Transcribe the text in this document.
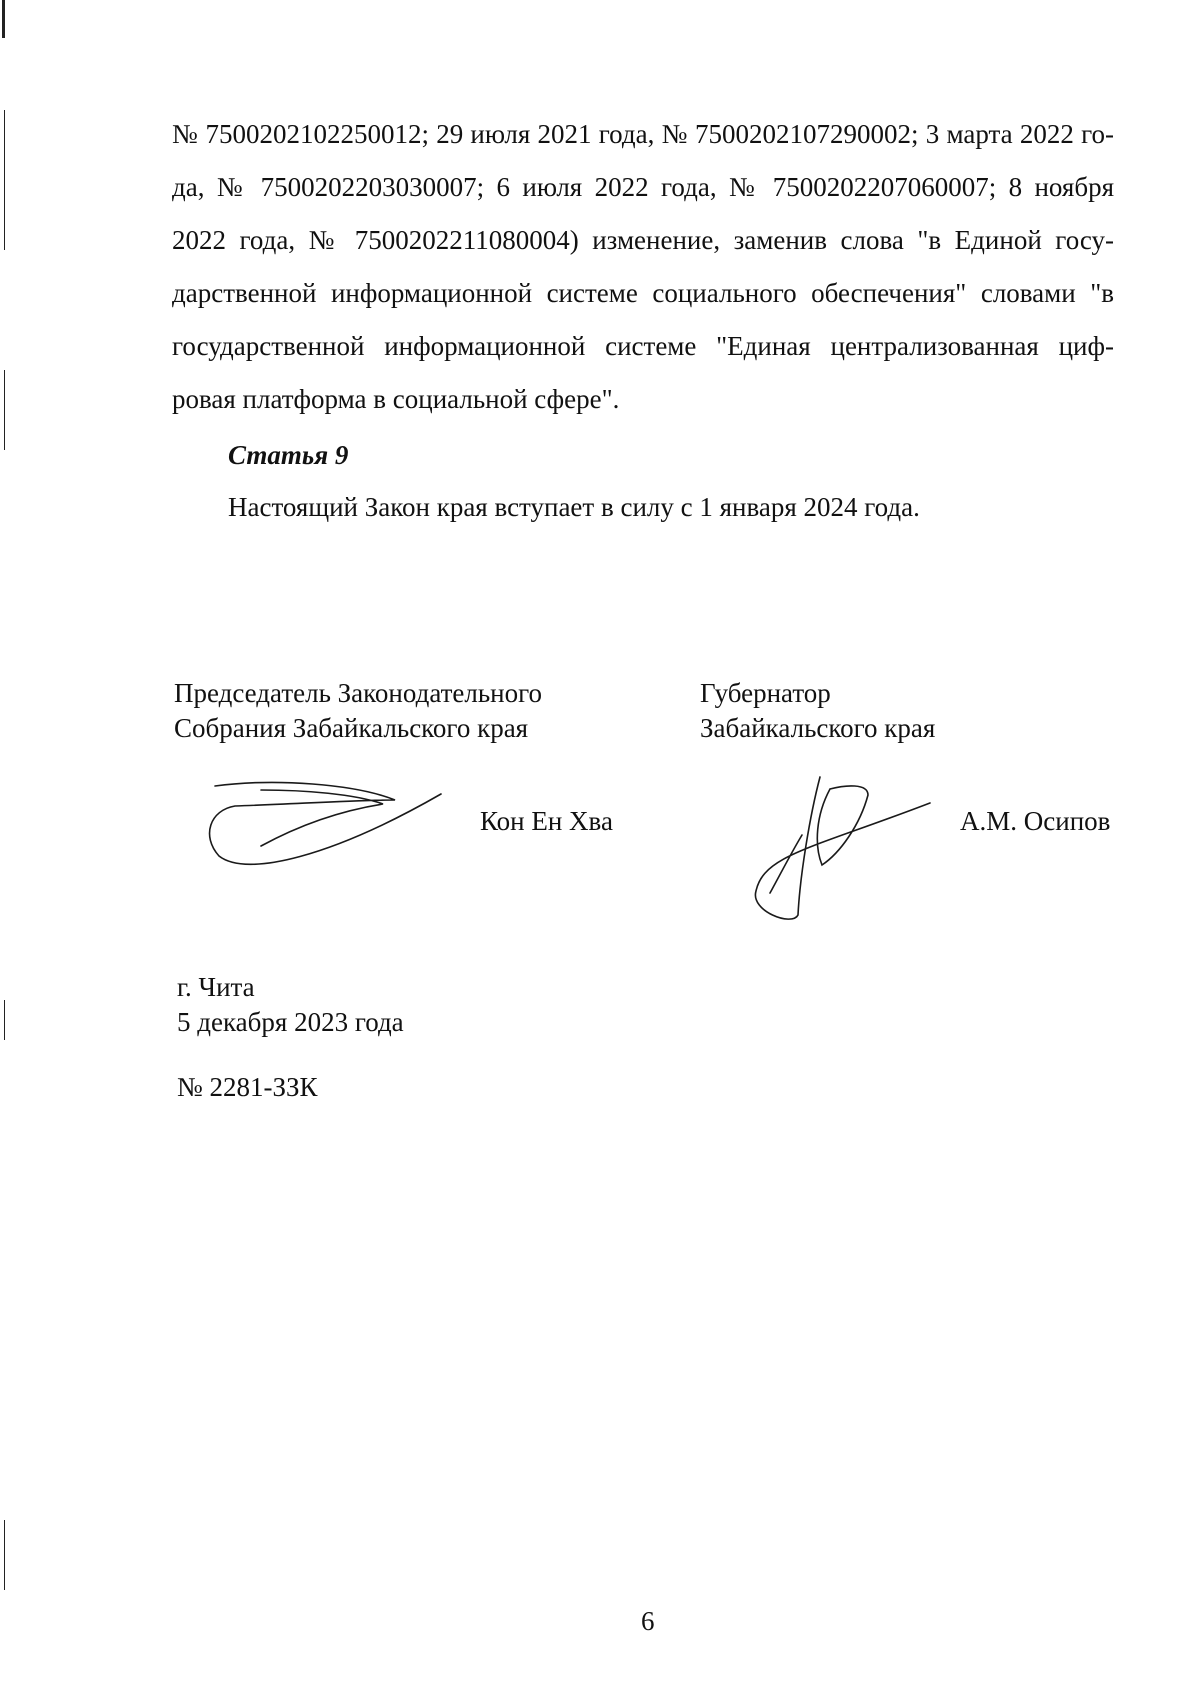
№ 7500202102250012; 29 июля 2021 года, № 7500202107290002; 3 марта 2022 го-
да, № 7500202203030007; 6 июля 2022 года, № 7500202207060007; 8 ноября
2022 года, № 7500202211080004) изменение, заменив слова "в Единой госу-
дарственной информационной системе социального обеспечения" словами "в
государственной информационной системе "Единая централизованная циф-
ровая платформа в социальной сфере".
Статья 9
Настоящий Закон края вступает в силу с 1 января 2024 года.
Председатель Законодательного
Собрания Забайкальского края
Губернатор
Забайкальского края
Кон Ен Хва	А.М. Осипов
г. Чита
5 декабря 2023 года
№ 2281-ЗЗК
6
